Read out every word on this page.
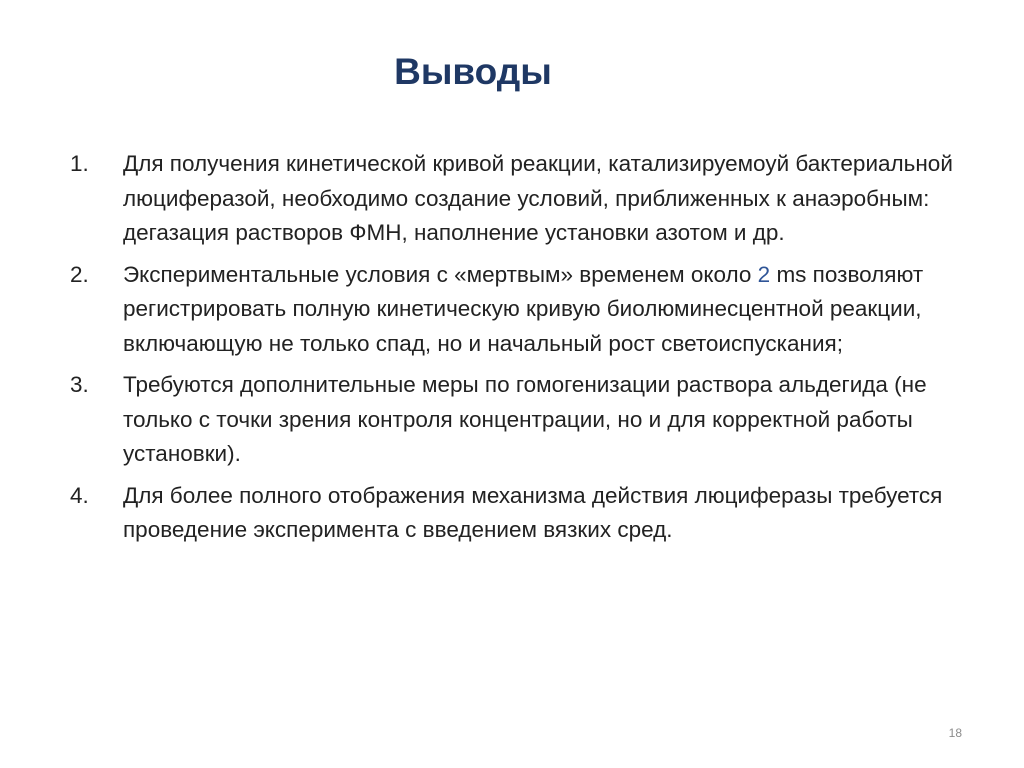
Выводы
1. Для получения кинетической кривой реакции, катализируемоуй бактериальной люциферазой, необходимо создание условий, приближенных к анаэробным: дегазация растворов ФМН, наполнение установки азотом и др.
2. Экспериментальные условия с «мертвым» временем около 2 ms позволяют регистрировать полную кинетическую кривую биолюминесцентной реакции, включающую не только спад, но и начальный рост светоиспускания;
3. Требуются дополнительные меры по гомогенизации раствора альдегида (не только с точки зрения контроля концентрации, но и для корректной работы установки).
4. Для более полного отображения механизма действия люциферазы требуется проведение эксперимента с введением вязких сред.
18
